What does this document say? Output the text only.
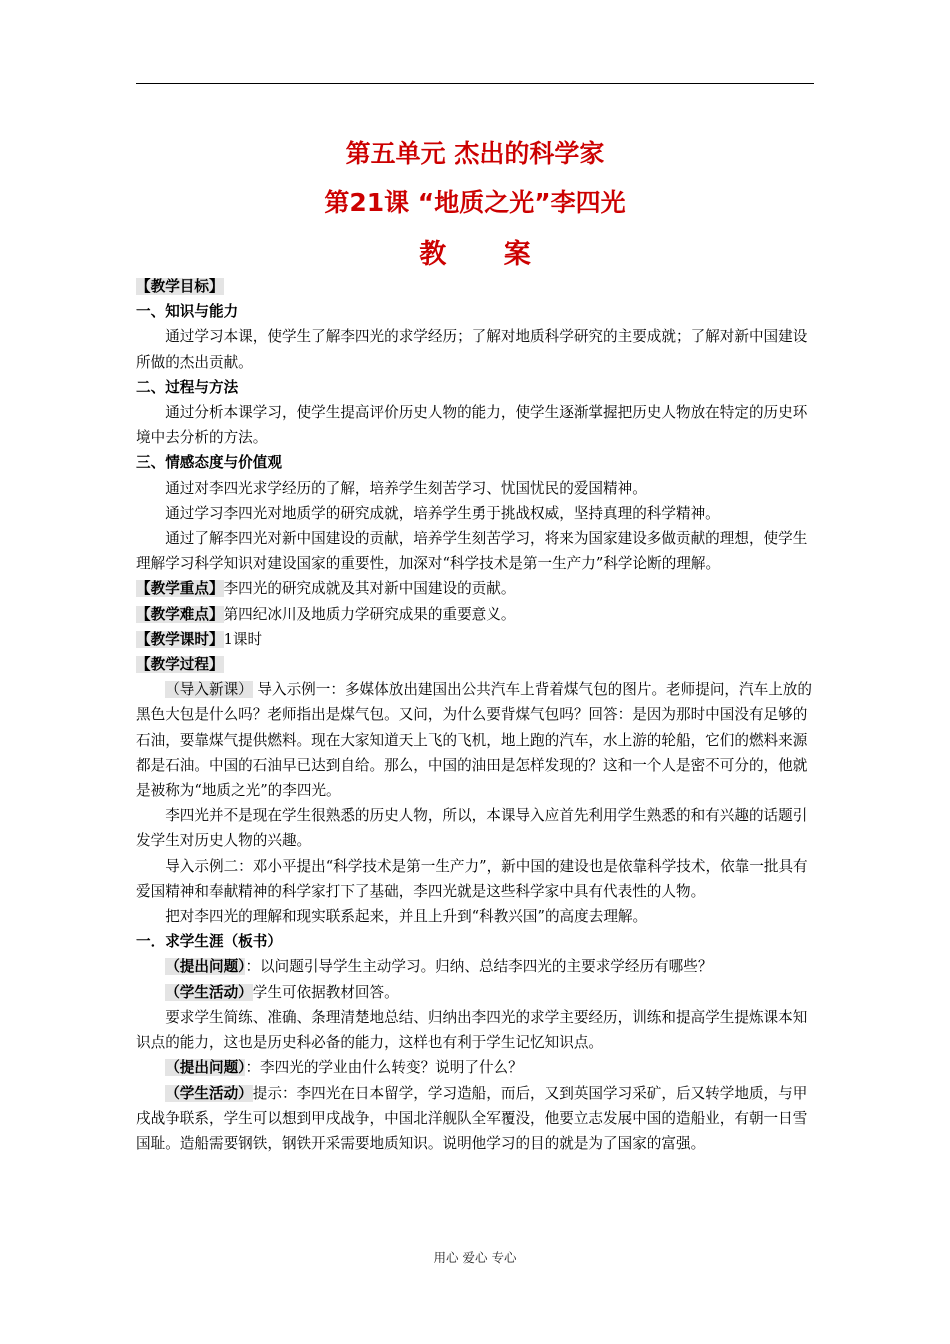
第五单元 杰出的科学家
第21课 “地质之光”李四光
教 案

【教学目标】

一、知识与能力

通过学习本课，使学生了解李四光的求学经历；了解对地质科学研究的主要成就；了解对新中国建设所做的杰出贡献。

二、过程与方法

通过分析本课学习，使学生提高评价历史人物的能力，使学生逐渐掌握把历史人物放在特定的历史环境中去分析的方法。

三、情感态度与价值观

通过对李四光求学经历的了解，培养学生刻苦学习、忧国忧民的爱国精神。

通过学习李四光对地质学的研究成就，培养学生勇于挑战权威，坚持真理的科学精神。

通过了解李四光对新中国建设的贡献，培养学生刻苦学习，将来为国家建设多做贡献的理想，使学生理解学习科学知识对建设国家的重要性，加深对“科学技术是第一生产力”科学论断的理解。

【教学重点】李四光的研究成就及其对新中国建设的贡献。

【教学难点】第四纪冰川及地质力学研究成果的重要意义。

【教学课时】1课时

【教学过程】

（导入新课） 导入示例一：多媒体放出建国出公共汽车上背着煤气包的图片。老师提问，汽车上放的黑色大包是什么吗？老师指出是煤气包。又问，为什么要背煤气包吗？回答：是因为那时中国没有足够的石油，要靠煤气提供燃料。现在大家知道天上飞的飞机，地上跑的汽车，水上游的轮船，它们的燃料来源都是石油。中国的石油早已达到自给。那么，中国的油田是怎样发现的？这和一个人是密不可分的，他就是被称为“地质之光”的李四光。

李四光并不是现在学生很熟悉的历史人物，所以，本课导入应首先利用学生熟悉的和有兴趣的话题引发学生对历史人物的兴趣。

导入示例二：邓小平提出“科学技术是第一生产力”，新中国的建设也是依靠科学技术，依靠一批具有爱国精神和奉献精神的科学家打下了基础，李四光就是这些科学家中具有代表性的人物。

把对李四光的理解和现实联系起来，并且上升到“科教兴国”的高度去理解。

一．求学生涯（板书）

（提出问题）：以问题引导学生主动学习。归纳、总结李四光的主要求学经历有哪些？

（学生活动）学生可依据教材回答。

要求学生简练、准确、条理清楚地总结、归纳出李四光的求学主要经历，训练和提高学生提炼课本知识点的能力，这也是历史科必备的能力，这样也有利于学生记忆知识点。

（提出问题）：李四光的学业由什么转变？说明了什么？

（学生活动）提示：李四光在日本留学，学习造船，而后，又到英国学习采矿，后又转学地质，与甲戌战争联系，学生可以想到甲戌战争，中国北洋舰队全军覆没，他要立志发展中国的造船业，有朝一日雪国耻。造船需要钢铁，钢铁开采需要地质知识。说明他学习的目的就是为了国家的富强。

用心 爱心 专心
